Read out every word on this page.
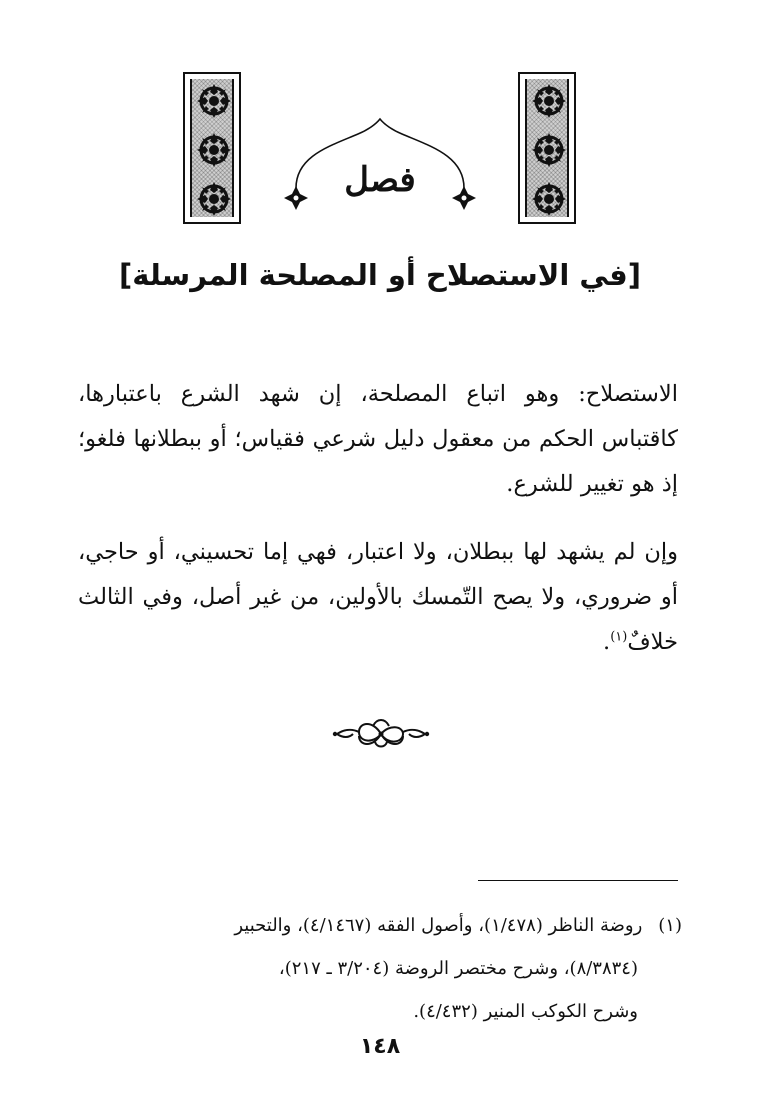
فصل
[في الاستصلاح أو المصلحة المرسلة]

الاستصلاح: وهو اتباع المصلحة، إن شهد الشرع باعتبارها، كاقتباس الحكم من معقول دليل شرعي فقياس؛ أو ببطلانها فلغو؛ إذ هو تغيير للشرع.

وإن لم يشهد لها ببطلان، ولا اعتبار، فهي إما تحسيني، أو حاجي، أو ضروري، ولا يصح التّمسك بالأولين، من غير أصل، وفي الثالث خلافٌ$^{(١)}$.

(١)روضة الناظر (١/٤٧٨)، وأصول الفقه (٤/١٤٦٧)، والتحبير
(٨/٣٨٣٤)، وشرح مختصر الروضة (٣/٢٠٤ ـ ٢١٧)،
وشرح الكوكب المنير (٤/٤٣٢).
١٤٨
